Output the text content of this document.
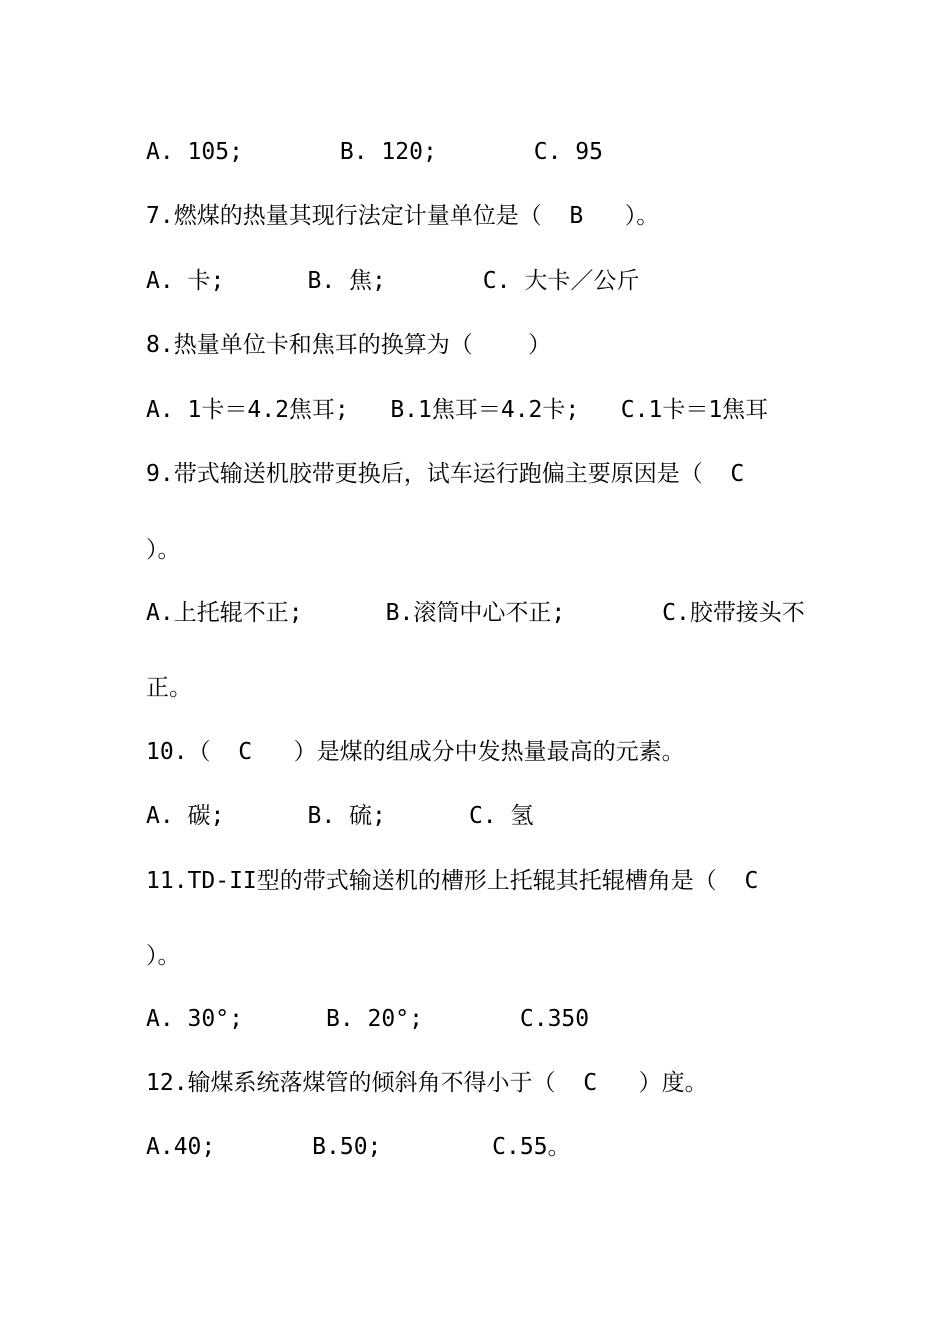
A. 105;       B. 120;       C. 95
7.燃煤的热量其现行法定计量单位是（  B   ）。
A. 卡;      B. 焦;       C. 大卡／公斤
8.热量单位卡和焦耳的换算为（    ）
A. 1卡＝4.2焦耳;   B.1焦耳＝4.2卡;   C.1卡＝1焦耳
9.带式输送机胶带更换后，试车运行跑偏主要原因是（  C
）。
A.上托辊不正;      B.滚筒中心不正;       C.胶带接头不
正。
10.（  C   ）是煤的组成分中发热量最高的元素。
A. 碳;      B. 硫;      C. 氢
11.TD-II型的带式输送机的槽形上托辊其托辊槽角是（  C
）。
A. 30°;      B. 20°;       C.350
12.输煤系统落煤管的倾斜角不得小于（  C   ）度。
A.40;       B.50;        C.55。
